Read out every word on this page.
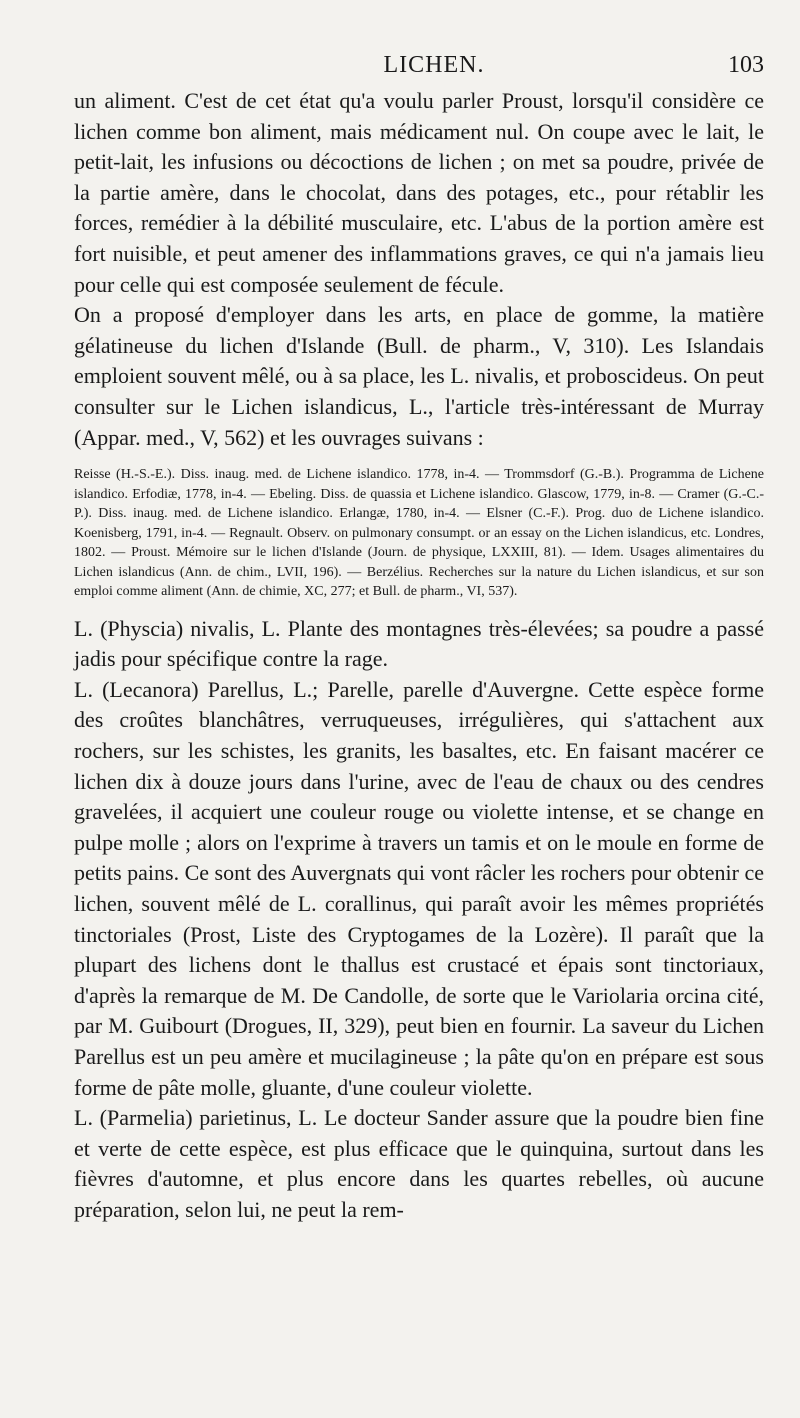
LICHEN.	103

un aliment. C'est de cet état qu'a voulu parler Proust, lorsqu'il considère ce lichen comme bon aliment, mais médicament nul. On coupe avec le lait, le petit-lait, les infusions ou décoctions de lichen ; on met sa poudre, privée de la partie amère, dans le chocolat, dans des potages, etc., pour rétablir les forces, remédier à la débilité musculaire, etc. L'abus de la portion amère est fort nuisible, et peut amener des inflammations graves, ce qui n'a jamais lieu pour celle qui est composée seulement de fécule.

On a proposé d'employer dans les arts, en place de gomme, la matière gélatineuse du lichen d'Islande (Bull. de pharm., V, 310). Les Islandais emploient souvent mêlé, ou à sa place, les L. nivalis, et proboscideus. On peut consulter sur le Lichen islandicus, L., l'article très-intéressant de Murray (Appar. med., V, 562) et les ouvrages suivans :

Reisse (H.-S.-E.). Diss. inaug. med. de Lichene islandico. 1778, in-4. — Trommsdorf (G.-B.). Programma de Lichene islandico. Erfodiæ, 1778, in-4. — Ebeling. Diss. de quassia et Lichene islandico. Glascow, 1779, in-8. — Cramer (G.-C.-P.). Diss. inaug. med. de Lichene islandico. Erlangæ, 1780, in-4. — Elsner (C.-F.). Prog. duo de Lichene islandico. Koenisberg, 1791, in-4. — Regnault. Observ. on pulmonary consumpt. or an essay on the Lichen islandicus, etc. Londres, 1802. — Proust. Mémoire sur le lichen d'Islande (Journ. de physique, LXXIII, 81). — Idem. Usages alimentaires du Lichen islandicus (Ann. de chim., LVII, 196). — Berzélius. Recherches sur la nature du Lichen islandicus, et sur son emploi comme aliment (Ann. de chimie, XC, 277; et Bull. de pharm., VI, 537).

L. (Physcia) nivalis, L. Plante des montagnes très-élevées; sa poudre a passé jadis pour spécifique contre la rage.

L. (Lecanora) Parellus, L.; Parelle, parelle d'Auvergne. Cette espèce forme des croûtes blanchâtres, verruqueuses, irrégulières, qui s'attachent aux rochers, sur les schistes, les granits, les basaltes, etc. En faisant macérer ce lichen dix à douze jours dans l'urine, avec de l'eau de chaux ou des cendres gravelées, il acquiert une couleur rouge ou violette intense, et se change en pulpe molle ; alors on l'exprime à travers un tamis et on le moule en forme de petits pains. Ce sont des Auvergnats qui vont râcler les rochers pour obtenir ce lichen, souvent mêlé de L. corallinus, qui paraît avoir les mêmes propriétés tinctoriales (Prost, Liste des Cryptogames de la Lozère). Il paraît que la plupart des lichens dont le thallus est crustacé et épais sont tinctoriaux, d'après la remarque de M. De Candolle, de sorte que le Variolaria orcina cité, par M. Guibourt (Drogues, II, 329), peut bien en fournir. La saveur du Lichen Parellus est un peu amère et mucilagineuse ; la pâte qu'on en prépare est sous forme de pâte molle, gluante, d'une couleur violette.

L. (Parmelia) parietinus, L. Le docteur Sander assure que la poudre bien fine et verte de cette espèce, est plus efficace que le quinquina, surtout dans les fièvres d'automne, et plus encore dans les quartes rebelles, où aucune préparation, selon lui, ne peut la rem-
